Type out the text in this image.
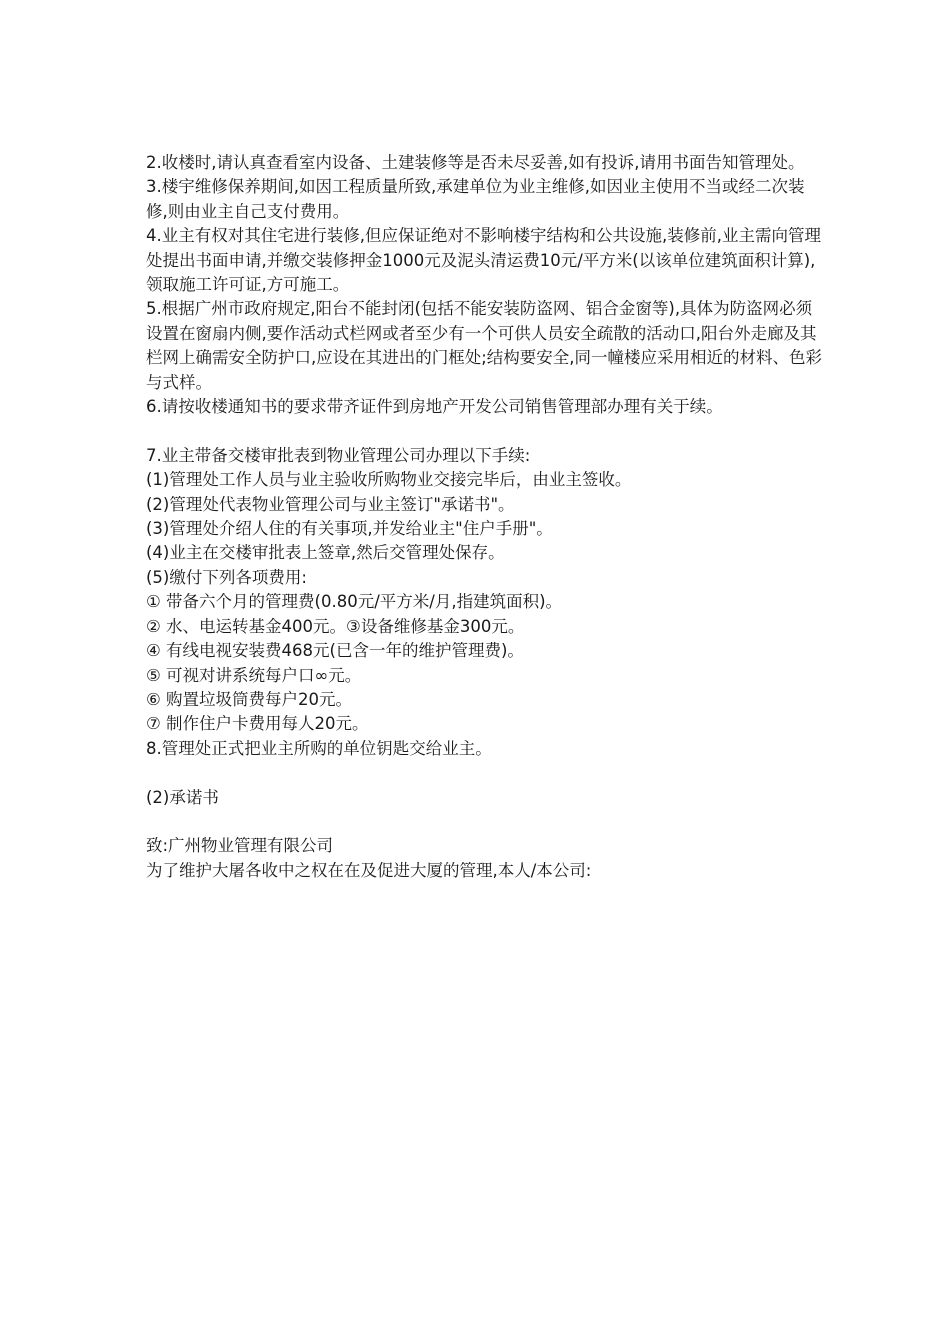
2.收楼时,请认真查看室内设备、土建装修等是否未尽妥善,如有投诉,请用书面告知管理处。

3.楼宇维修保养期间,如因工程质量所致,承建单位为业主维修,如因业主使用不当或经二次装修,则由业主自己支付费用。

4.业主有权对其住宅进行装修,但应保证绝对不影响楼宇结构和公共设施,装修前,业主需向管理处提出书面申请,并缴交装修押金1000元及泥头清运费10元/平方米(以该单位建筑面积计算),领取施工许可证,方可施工。

5.根据广州市政府规定,阳台不能封闭(包括不能安装防盗网、铝合金窗等),具体为防盗网必须设置在窗扇内侧,要作活动式栏网或者至少有一个可供人员安全疏散的活动口,阳台外走廊及其栏网上确需安全防护口,应设在其进出的门框处;结构要安全,同一幢楼应采用相近的材料、色彩与式样。

6.请按收楼通知书的要求带齐证件到房地产开发公司销售管理部办理有关于续。

7.业主带备交楼审批表到物业管理公司办理以下手续:

(1)管理处工作人员与业主验收所购物业交接完毕后，由业主签收。

(2)管理处代表物业管理公司与业主签订"承诺书"。

(3)管理处介绍人住的有关事项,并发给业主"住户手册"。

(4)业主在交楼审批表上签章,然后交管理处保存。

(5)缴付下列各项费用:

① 带备六个月的管理费(0.80元/平方米/月,指建筑面积)。

② 水、电运转基金400元。③设备维修基金300元。

④ 有线电视安装费468元(已含一年的维护管理费)。

⑤ 可视对讲系统每户口∞元。

⑥ 购置垃圾筒费每户20元。

⑦ 制作住户卡费用每人20元。

8.管理处正式把业主所购的单位钥匙交给业主。

(2)承诺书

致:广州物业管理有限公司

为了维护大屠各收中之权在在及促进大厦的管理,本人/本公司:
